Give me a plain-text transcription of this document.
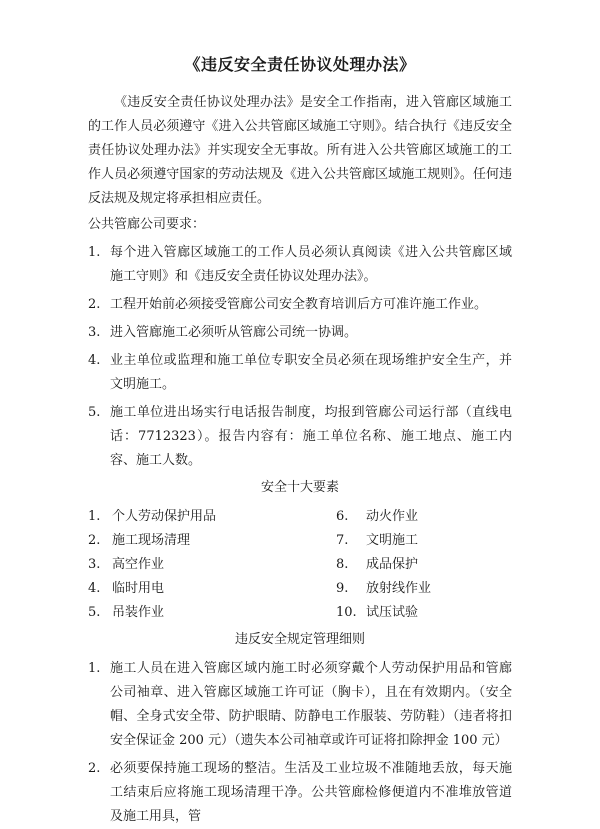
《违反安全责任协议处理办法》

《违反安全责任协议处理办法》是安全工作指南，进入管廊区域施工的工作人员必须遵守《进入公共管廊区域施工守则》。结合执行《违反安全责任协议处理办法》并实现安全无事故。所有进入公共管廊区域施工的工作人员必须遵守国家的劳动法规及《进入公共管廊区域施工规则》。任何违反法规及规定将承担相应责任。

公共管廊公司要求：
1. 每个进入管廊区域施工的工作人员必须认真阅读《进入公共管廊区域施工守则》和《违反安全责任协议处理办法》。
2. 工程开始前必须接受管廊公司安全教育培训后方可准许施工作业。
3. 进入管廊施工必须听从管廊公司统一协调。
4. 业主单位或监理和施工单位专职安全员必须在现场维护安全生产，并文明施工。
5. 施工单位进出场实行电话报告制度，均报到管廊公司运行部（直线电话：7712323）。报告内容有：施工单位名称、施工地点、施工内容、施工人数。
安全十大要素
1. 个人劳动保护用品	6. 动火作业
2. 施工现场清理	7. 文明施工
3. 高空作业	8. 成品保护
4. 临时用电	9. 放射线作业
5. 吊装作业	10. 试压试验
违反安全规定管理细则
1. 施工人员在进入管廊区域内施工时必须穿戴个人劳动保护用品和管廊公司袖章、进入管廊区域施工许可证（胸卡），且在有效期内。（安全帽、全身式安全带、防护眼睛、防静电工作服装、劳防鞋）（违者将扣安全保证金 200 元）（遗失本公司袖章或许可证将扣除押金 100 元）
2. 必须要保持施工现场的整洁。生活及工业垃圾不准随地丢放，每天施工结束后应将施工现场清理干净。公共管廊检修便道内不准堆放管道及施工用具，管
